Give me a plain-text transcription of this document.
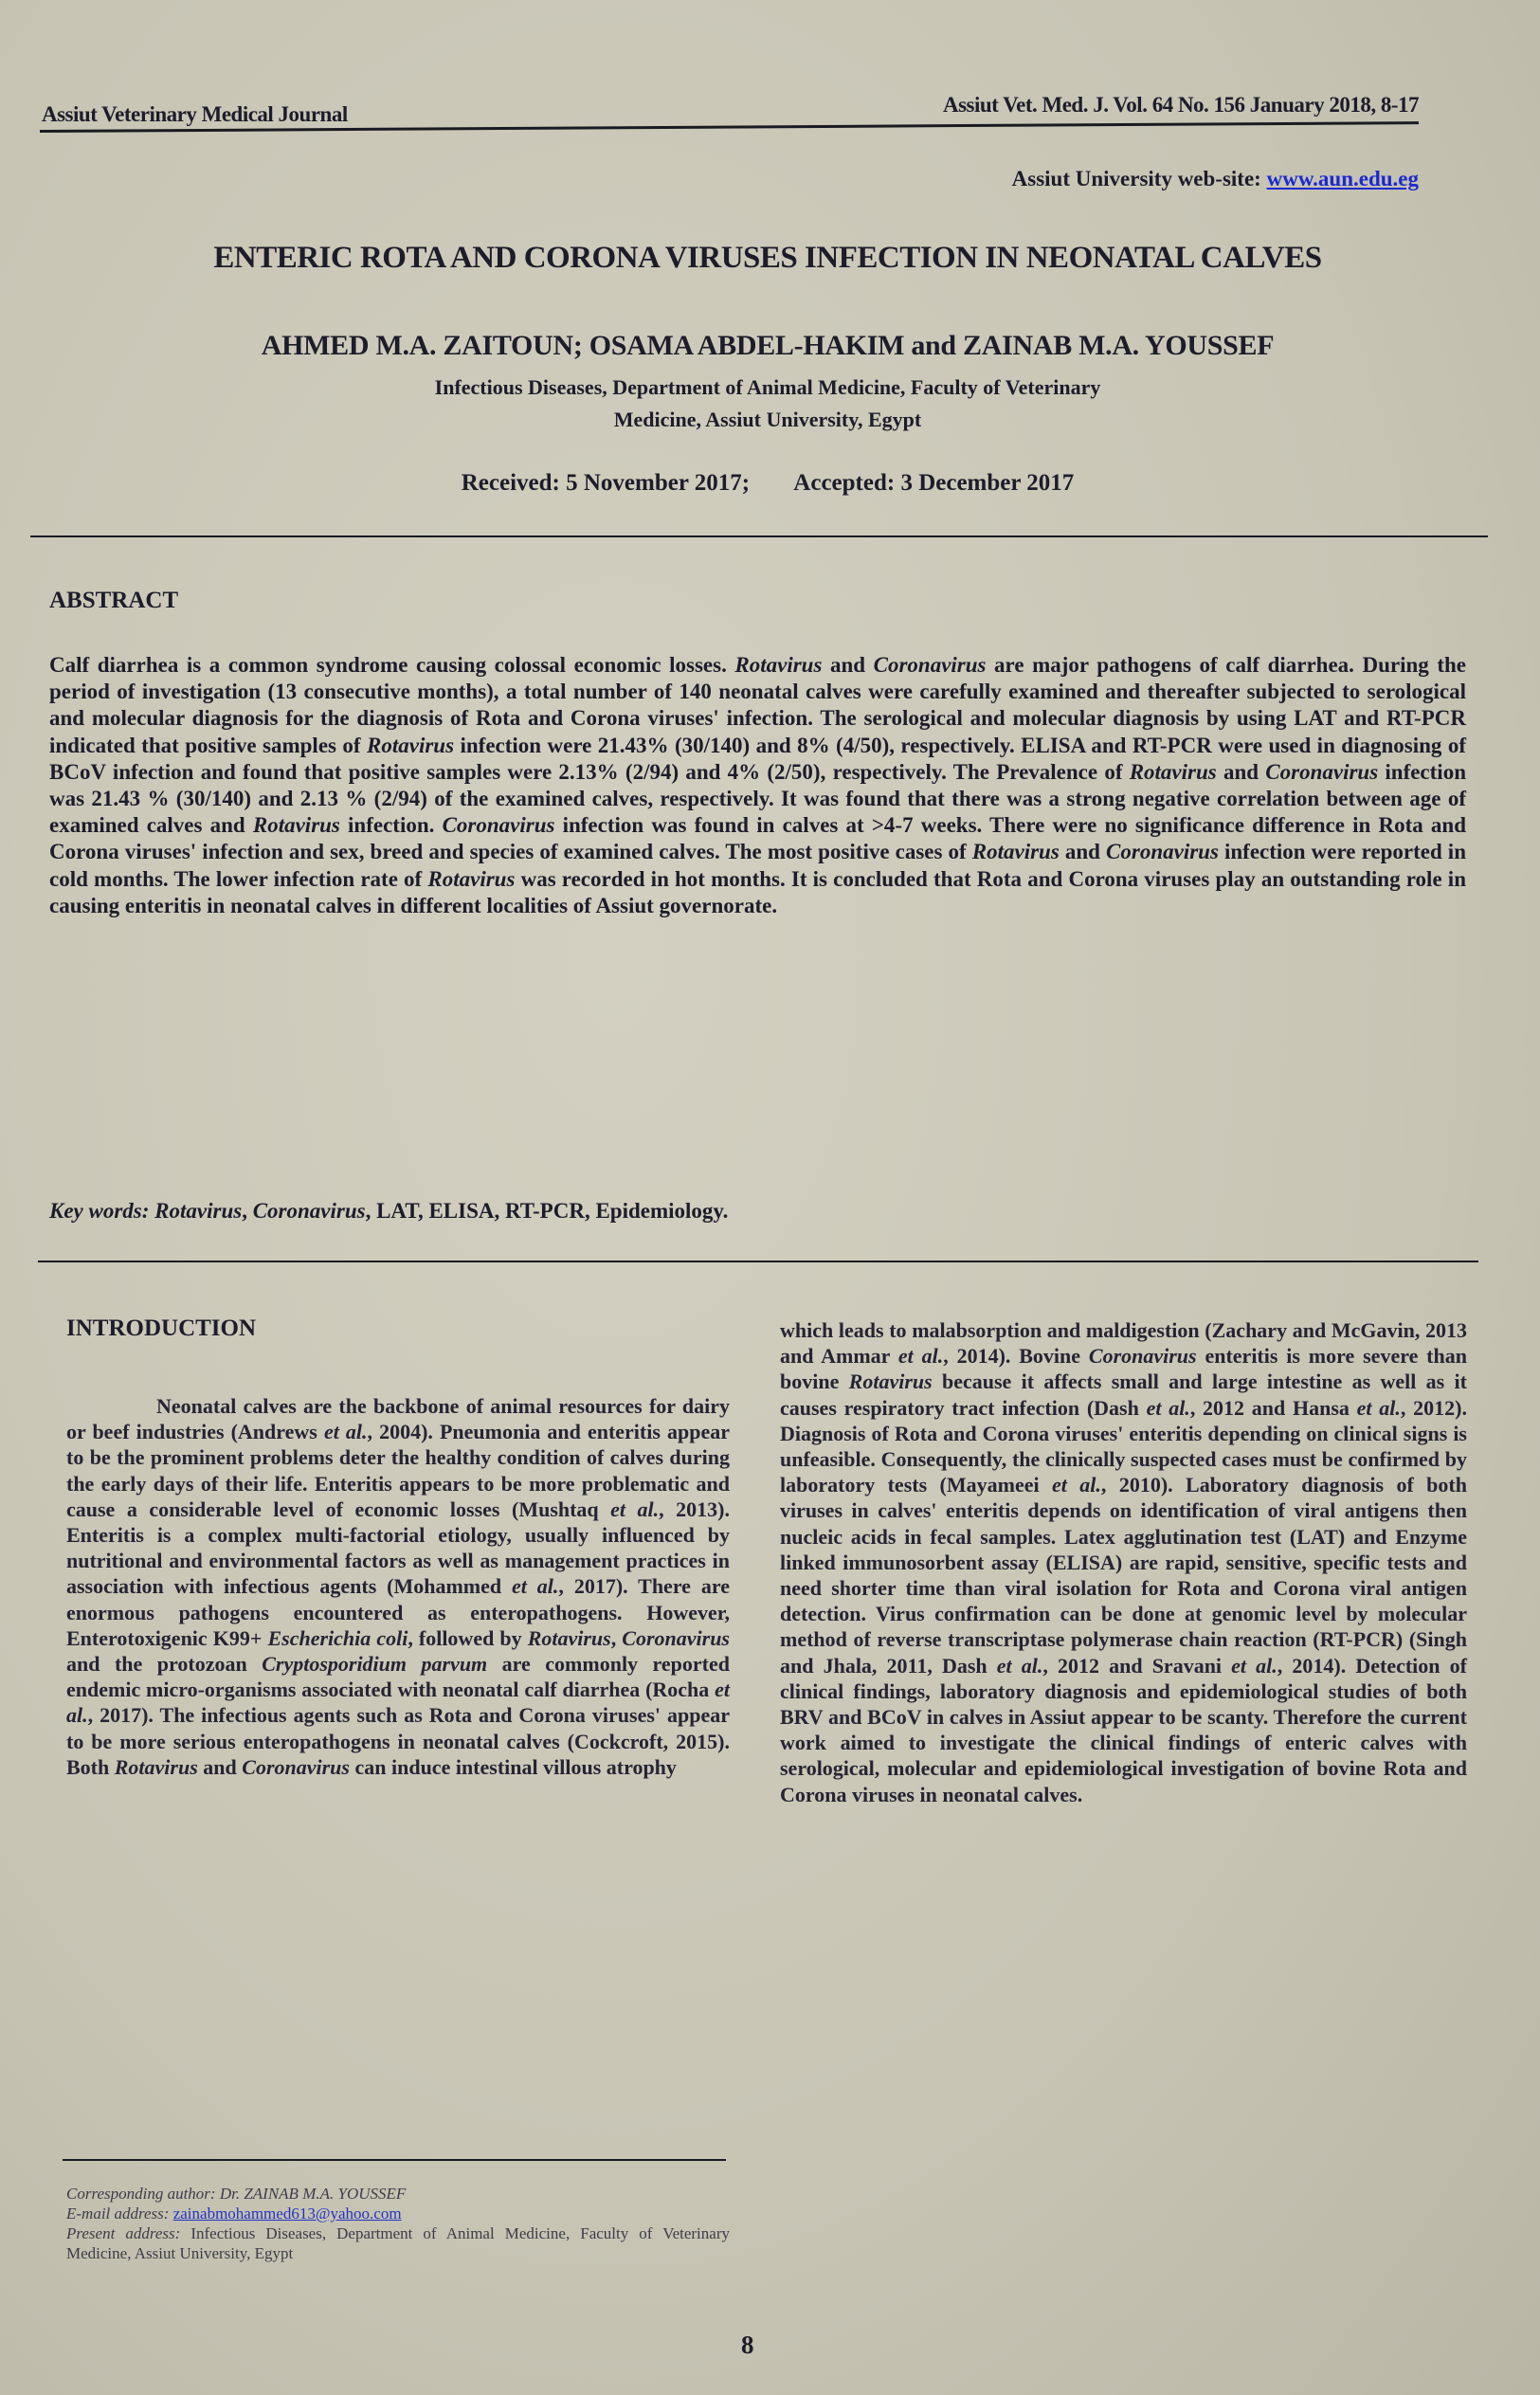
Assiut Veterinary Medical Journal	Assiut Vet. Med. J. Vol. 64 No. 156 January 2018, 8-17
Assiut University web-site: www.aun.edu.eg
ENTERIC ROTA AND CORONA VIRUSES INFECTION IN NEONATAL CALVES
AHMED M.A. ZAITOUN; OSAMA ABDEL-HAKIM and ZAINAB M.A. YOUSSEF
Infectious Diseases, Department of Animal Medicine, Faculty of Veterinary
Medicine, Assiut University, Egypt
Received: 5 November 2017; Accepted: 3 December 2017
ABSTRACT
Calf diarrhea is a common syndrome causing colossal economic losses. Rotavirus and Coronavirus are major pathogens of calf diarrhea. During the period of investigation (13 consecutive months), a total number of 140 neonatal calves were carefully examined and thereafter subjected to serological and molecular diagnosis for the diagnosis of Rota and Corona viruses' infection. The serological and molecular diagnosis by using LAT and RT-PCR indicated that positive samples of Rotavirus infection were 21.43% (30/140) and 8% (4/50), respectively. ELISA and RT-PCR were used in diagnosing of BCoV infection and found that positive samples were 2.13% (2/94) and 4% (2/50), respectively. The Prevalence of Rotavirus and Coronavirus infection was 21.43 % (30/140) and 2.13 % (2/94) of the examined calves, respectively. It was found that there was a strong negative correlation between age of examined calves and Rotavirus infection. Coronavirus infection was found in calves at >4-7 weeks. There were no significance difference in Rota and Corona viruses' infection and sex, breed and species of examined calves. The most positive cases of Rotavirus and Coronavirus infection were reported in cold months. The lower infection rate of Rotavirus was recorded in hot months. It is concluded that Rota and Corona viruses play an outstanding role in causing enteritis in neonatal calves in different localities of Assiut governorate.
Key words: Rotavirus, Coronavirus, LAT, ELISA, RT-PCR, Epidemiology.
INTRODUCTION
Neonatal calves are the backbone of animal resources for dairy or beef industries (Andrews et al., 2004). Pneumonia and enteritis appear to be the prominent problems deter the healthy condition of calves during the early days of their life. Enteritis appears to be more problematic and cause a considerable level of economic losses (Mushtaq et al., 2013). Enteritis is a complex multi-factorial etiology, usually influenced by nutritional and environmental factors as well as management practices in association with infectious agents (Mohammed et al., 2017). There are enormous pathogens encountered as enteropathogens. However, Enterotoxigenic K99+ Escherichia coli, followed by Rotavirus, Coronavirus and the protozoan Cryptosporidium parvum are commonly reported endemic micro-organisms associated with neonatal calf diarrhea (Rocha et al., 2017). The infectious agents such as Rota and Corona viruses' appear to be more serious enteropathogens in neonatal calves (Cockcroft, 2015). Both Rotavirus and Coronavirus can induce intestinal villous atrophy
which leads to malabsorption and maldigestion (Zachary and McGavin, 2013 and Ammar et al., 2014). Bovine Coronavirus enteritis is more severe than bovine Rotavirus because it affects small and large intestine as well as it causes respiratory tract infection (Dash et al., 2012 and Hansa et al., 2012). Diagnosis of Rota and Corona viruses' enteritis depending on clinical signs is unfeasible. Consequently, the clinically suspected cases must be confirmed by laboratory tests (Mayameei et al., 2010). Laboratory diagnosis of both viruses in calves' enteritis depends on identification of viral antigens then nucleic acids in fecal samples. Latex agglutination test (LAT) and Enzyme linked immunosorbent assay (ELISA) are rapid, sensitive, specific tests and need shorter time than viral isolation for Rota and Corona viral antigen detection. Virus confirmation can be done at genomic level by molecular method of reverse transcriptase polymerase chain reaction (RT-PCR) (Singh and Jhala, 2011, Dash et al., 2012 and Sravani et al., 2014). Detection of clinical findings, laboratory diagnosis and epidemiological studies of both BRV and BCoV in calves in Assiut appear to be scanty. Therefore the current work aimed to investigate the clinical findings of enteric calves with serological, molecular and epidemiological investigation of bovine Rota and Corona viruses in neonatal calves.
Corresponding author: Dr. ZAINAB M.A. YOUSSEF
E-mail address: zainabmohammed613@yahoo.com
Present address: Infectious Diseases, Department of Animal Medicine, Faculty of Veterinary Medicine, Assiut University, Egypt
8
